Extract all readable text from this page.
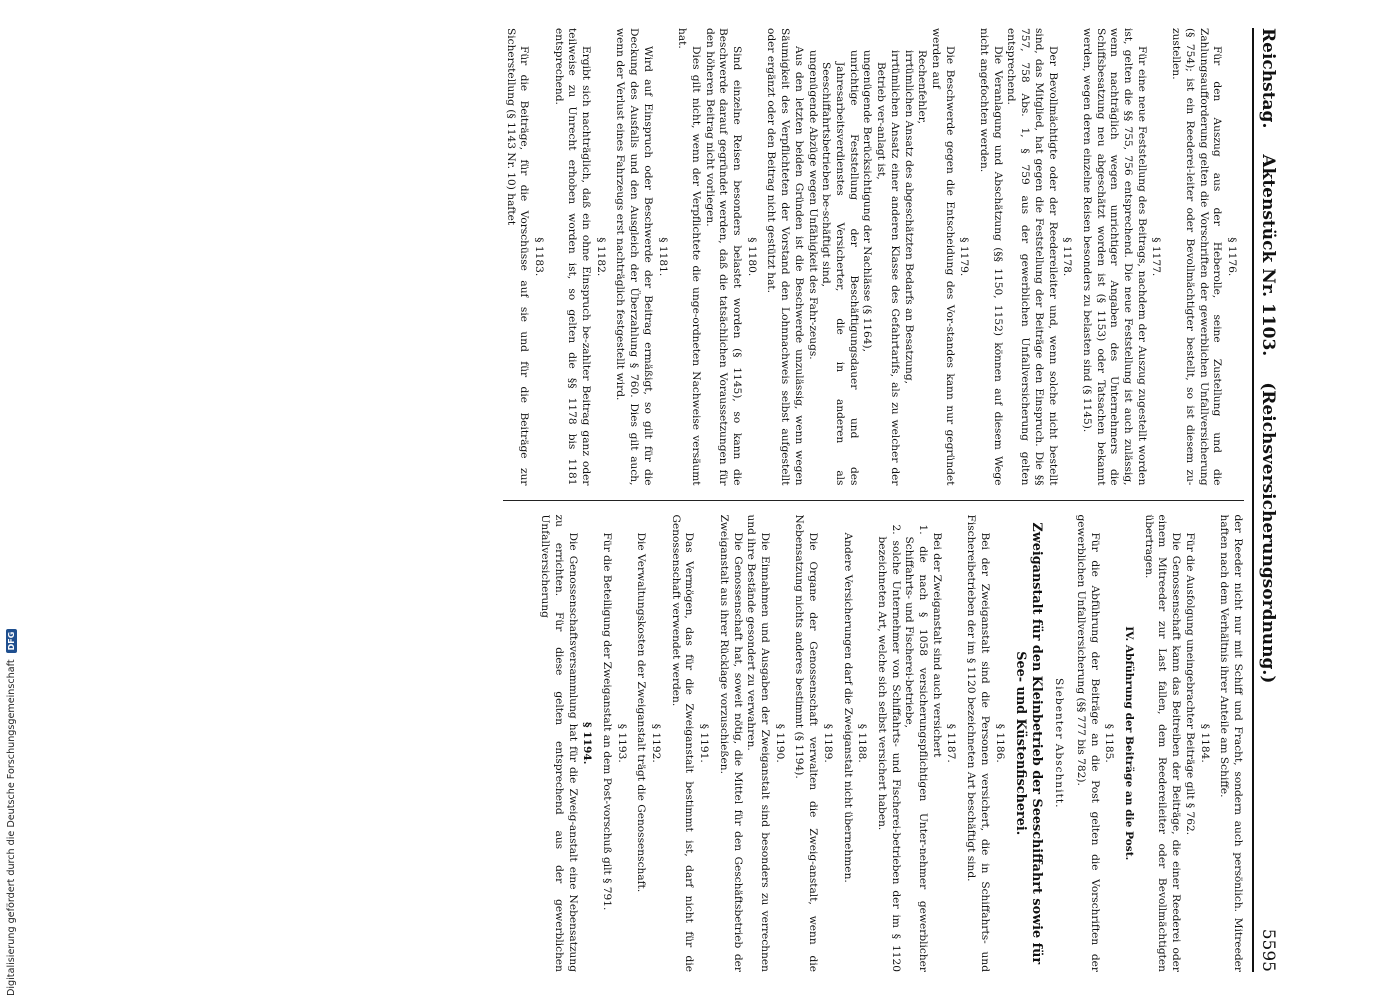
Reichstag.
Aktenstück Nr. 1103.
(Reichsversicherungsordnung.)
5595
§ 1176.

Für den Auszug aus der Heberolle, seine Zustellung und die Zahlungsaufforderung gelten die Vorschriften der gewerblichen Unfallversicherung (§ 754); ist ein Reederei-leiter oder Bevollmächtigter bestellt, so ist diesem zu-zustellen.

§ 1177.

Für eine neue Feststellung des Beitrags, nachdem der Auszug zugestellt worden ist, gelten die §§ 755, 756 entsprechend. Die neue Feststellung ist auch zulässig, wenn nachträglich wegen unrichtiger Angaben des Unternehmers die Schiffsbesatzung neu abgeschätzt worden ist (§ 1153) oder Tatsachen bekannt werden, wegen deren einzelne Reisen besonders zu belasten sind (§ 1145).

§ 1178.

Der Bevollmächtigte oder der Reedereileiter und, wenn solche nicht bestellt sind, das Mitglied, hat gegen die Feststellung der Beiträge den Einspruch. Die §§ 757, 758 Abs. 1, § 759 aus der gewerblichen Unfallversicherung gelten entsprechend.

Die Veranlagung und Abschätzung (§§ 1150, 1152) können auf diesem Wege nicht angefochten werden.

§ 1179.

Die Beschwerde gegen die Entscheidung des Vor-standes kann nur gegründet werden auf

Rechenfehler,

irrtümlichen Ansatz des abgeschätzten Bedarfs an Besatzung,

irrtümlichen Ansatz einer anderen Klasse des Gefahrtarifs, als zu welcher der Betrieb ver-anlagt ist,

ungenügende Berücksichtigung der Nachlässe (§ 1164),

unrichtige Feststellung der Beschäftigungsdauer und des Jahresarbeitsverdienstes Versicherter, die in anderen als Seeschiffahrtsbetrieben be-schäftigt sind,

ungenügende Abzüge wegen Unfähigkeit des Fahr-zeugs.

Aus den letzten beiden Gründen ist die Beschwerde unzulässig, wenn wegen Säumigkeit des Verpflichteten der Vorstand den Lohnnachweis selbst aufgestellt oder ergänzt oder den Beitrag nicht gestützt hat.

§ 1180.

Sind einzelne Reisen besonders belastet worden (§ 1145), so kann die Beschwerde darauf gegründet werden, daß die tatsächlichen Voraussetzungen für den höheren Beitrag nicht vorliegen.

Dies gilt nicht, wenn der Verpflichtete die unge-ordneten Nachweise versäumt hat.

§ 1181.

Wird auf Einspruch oder Beschwerde der Beitrag ermäßigt, so gilt für die Deckung des Ausfalls und den Ausgleich der Überzahlung § 760. Dies gilt auch, wenn der Verlust eines Fahrzeugs erst nachträglich festgestellt wird.

§ 1182.

Ergibt sich nachträglich, daß ein ohne Einspruch be-zahlter Beitrag ganz oder teilweise zu Unrecht erhoben worden ist, so gelten die §§ 1178 bis 1181 entsprechend.

§ 1183.

Für die Beiträge, für die Vorschüsse auf sie und für die Beiträge zur Sicherstellung (§ 1143 Nr. 10) haftet

der Reeder nicht nur mit Schiff und Fracht, sondern auch persönlich. Mitreeder haften nach dem Verhältnis ihrer Anteile am Schiffe.

§ 1184.

Für die Ausfolgung uneingebrachter Beiträge gilt § 762.

Die Genossenschaft kann das Beitreiben der Beiträge, die einer Reederei oder einem Mitreeder zur Last fallen, dem Reedereileiter oder Bevollmächtigten übertragen.

IV. Abführung der Beiträge an die Post.
§ 1185.

Für die Abführung der Beiträge an die Post gelten die Vorschriften der gewerblichen Unfallversicherung (§§ 777 bis 782).

Siebenter Abschnitt.
Zweiganstalt für den Kleinbetrieb der Seeschiffahrt sowie für See- und Küstenfischerei.
§ 1186.

Bei der Zweiganstalt sind die Personen versichert, die in Schiffahrts- und Fischereibetrieben der im § 1120 bezeichneten Art beschäftigt sind.

§ 1187.

Bei der Zweiganstalt sind auch versichert

1. die nach § 1058 versicherungspflichtigen Unter-nehmer gewerblicher Schiffahrts- und Fischerei-betriebe,

2. solche Unternehmer von Schiffahrts- und Fischerei-betrieben der im § 1120 bezeichneten Art, welche sich selbst versichert haben.

§ 1188.

Andere Versicherungen darf die Zweiganstalt nicht übernehmen.

§ 1189.

Die Organe der Genossenschaft verwalten die Zweig-anstalt, wenn die Nebensatzung nichts anderes bestimmt (§ 1194).

§ 1190.

Die Einnahmen und Ausgaben der Zweiganstalt sind besonders zu verrechnen und ihre Bestände gesondert zu verwahren.

Die Genossenschaft hat, soweit nötig, die Mittel für den Geschäftsbetrieb der Zweiganstalt aus ihrer Rücklage vorzuschießen.

§ 1191.

Das Vermögen, das für die Zweiganstalt bestimmt ist, darf nicht für die Genossenschaft verwendet werden.

§ 1192.

Die Verwaltungskosten der Zweiganstalt trägt die Genossenschaft.

§ 1193.

Für die Beteiligung der Zweiganstalt an dem Post-vorschuß gilt § 791.

§ 1194.

Die Genossenschaftsversammlung hat für die Zweig-anstalt eine Nebensatzung zu errichten. Für diese gelten entsprechend aus der gewerblichen Unfallversicherung

Digitalisierung gefördert durch die Deutsche Forschungsgemeinschaft
DFG
